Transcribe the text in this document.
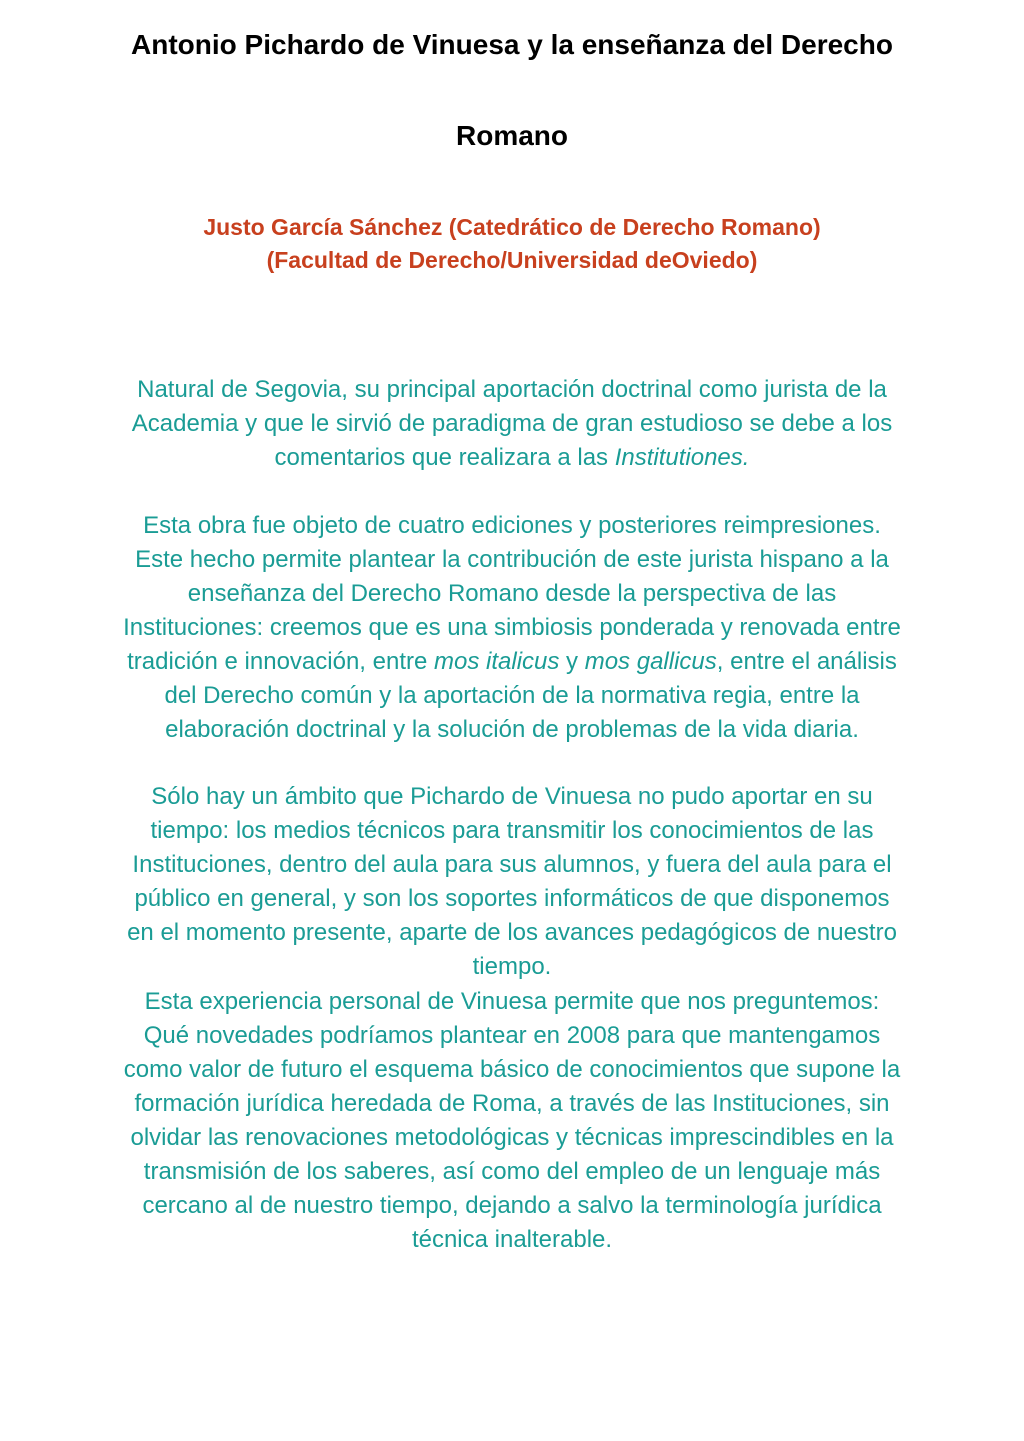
Antonio Pichardo de Vinuesa y la enseñanza del Derecho
Romano

Justo García Sánchez (Catedrático de Derecho Romano)

(Facultad de Derecho/Universidad deOviedo)

Natural de Segovia, su principal aportación doctrinal como jurista de la
Academia y que le sirvió de paradigma de gran estudioso se debe a los
comentarios que realizara a las Institutiones.

Esta obra fue objeto de cuatro ediciones y posteriores reimpresiones.
Este hecho permite plantear la contribución de este jurista hispano a la
enseñanza del Derecho Romano desde la perspectiva de las
Instituciones: creemos que es una simbiosis ponderada y renovada entre
tradición e innovación, entre mos italicus y mos gallicus, entre el análisis
del Derecho común y la aportación de la normativa regia, entre la
elaboración doctrinal y la solución de problemas de la vida diaria.

Sólo hay un ámbito que Pichardo de Vinuesa no pudo aportar en su
tiempo: los medios técnicos para transmitir los conocimientos de las
Instituciones, dentro del aula para sus alumnos, y fuera del aula para el
público en general, y son los soportes informáticos de que disponemos
en el momento presente, aparte de los avances pedagógicos de nuestro
tiempo.

Esta experiencia personal de Vinuesa permite que nos preguntemos:
Qué novedades podríamos plantear en 2008 para que mantengamos
como valor de futuro el esquema básico de conocimientos que supone la
formación jurídica heredada de Roma, a través de las Instituciones, sin
olvidar las renovaciones metodológicas y técnicas imprescindibles en la
transmisión de los saberes, así como del empleo de un lenguaje más
cercano al de nuestro tiempo, dejando a salvo la terminología jurídica
técnica inalterable.
